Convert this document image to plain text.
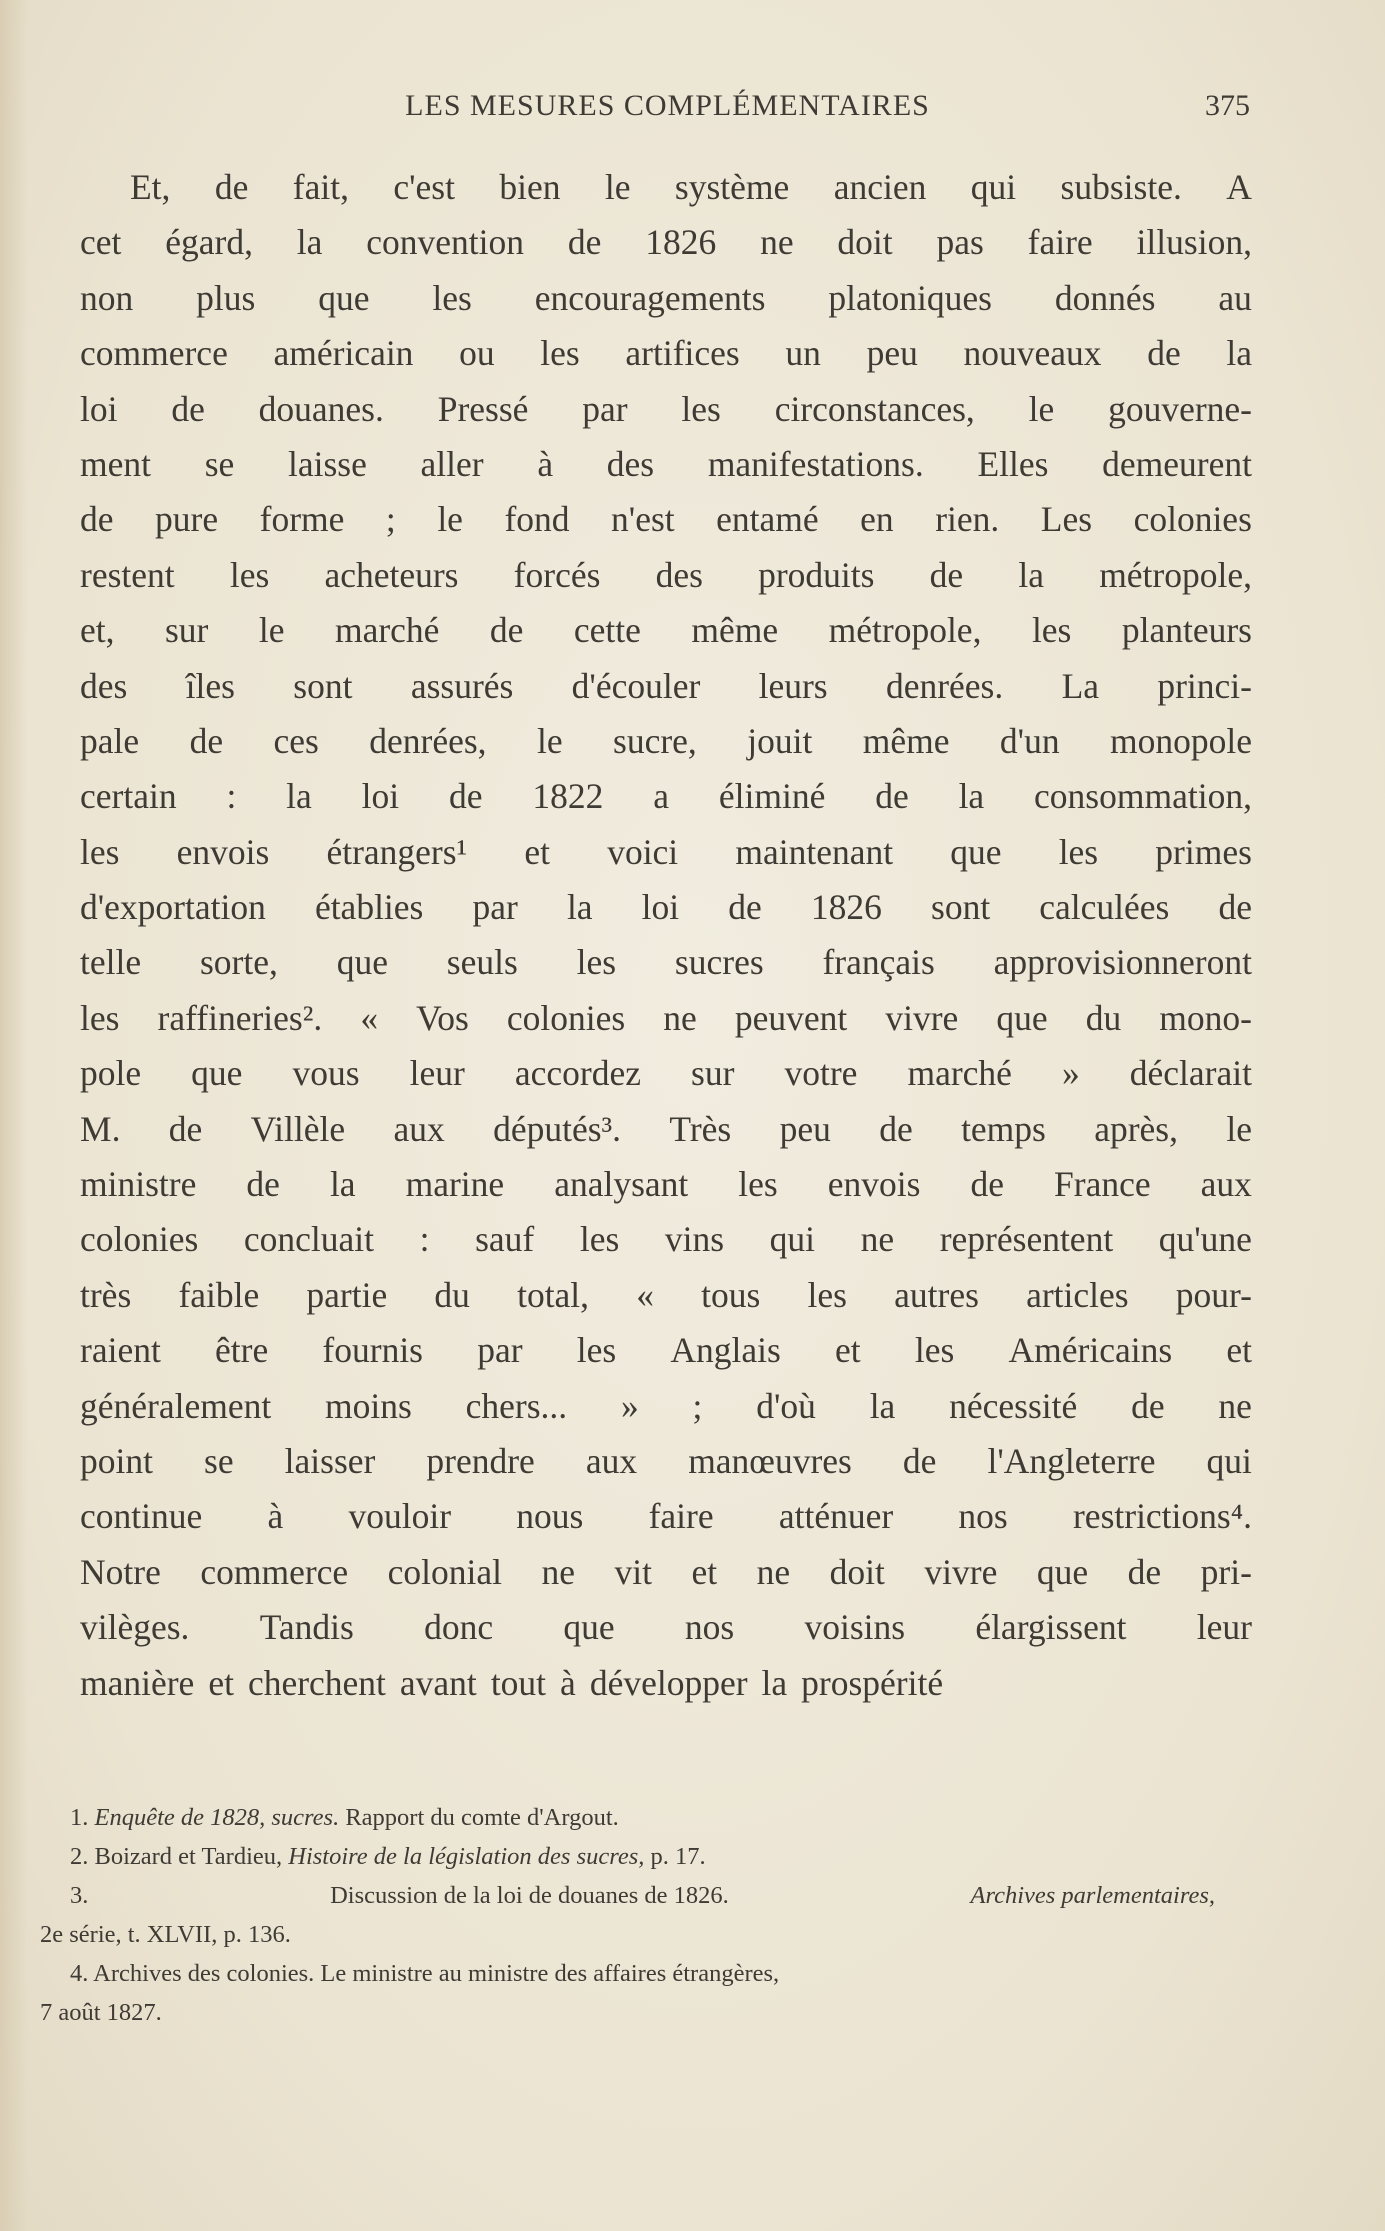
LES MESURES COMPLÉMENTAIRES	375
Et, de fait, c'est bien le système ancien qui subsiste. A
cet égard, la convention de 1826 ne doit pas faire illusion,
non plus que les encouragements platoniques donnés au
commerce américain ou les artifices un peu nouveaux de la
loi de douanes. Pressé par les circonstances, le gouverne-
ment se laisse aller à des manifestations. Elles demeurent
de pure forme ; le fond n'est entamé en rien. Les colonies
restent les acheteurs forcés des produits de la métropole,
et, sur le marché de cette même métropole, les planteurs
des îles sont assurés d'écouler leurs denrées. La princi-
pale de ces denrées, le sucre, jouit même d'un monopole
certain : la loi de 1822 a éliminé de la consommation,
les envois étrangers¹ et voici maintenant que les primes
d'exportation établies par la loi de 1826 sont calculées de
telle sorte, que seuls les sucres français approvisionneront
les raffineries². « Vos colonies ne peuvent vivre que du mono-
pole que vous leur accordez sur votre marché » déclarait
M. de Villèle aux députés³. Très peu de temps après, le
ministre de la marine analysant les envois de France aux
colonies concluait : sauf les vins qui ne représentent qu'une
très faible partie du total, « tous les autres articles pour-
raient être fournis par les Anglais et les Américains et
généralement moins chers... » ; d'où la nécessité de ne
point se laisser prendre aux manœuvres de l'Angleterre qui
continue à vouloir nous faire atténuer nos restrictions⁴.
Notre commerce colonial ne vit et ne doit vivre que de pri-
vilèges. Tandis donc que nos voisins élargissent leur
manière et cherchent avant tout à développer la prospérité
1. Enquête de 1828, sucres. Rapport du comte d'Argout.
2. Boizard et Tardieu, Histoire de la législation des sucres, p. 17.
3.	Discussion de la loi de douanes de 1826.	Archives parlementaires,
2e série, t. XLVII, p. 136.
4. Archives des colonies. Le ministre au ministre des affaires étrangères,
7 août 1827.
